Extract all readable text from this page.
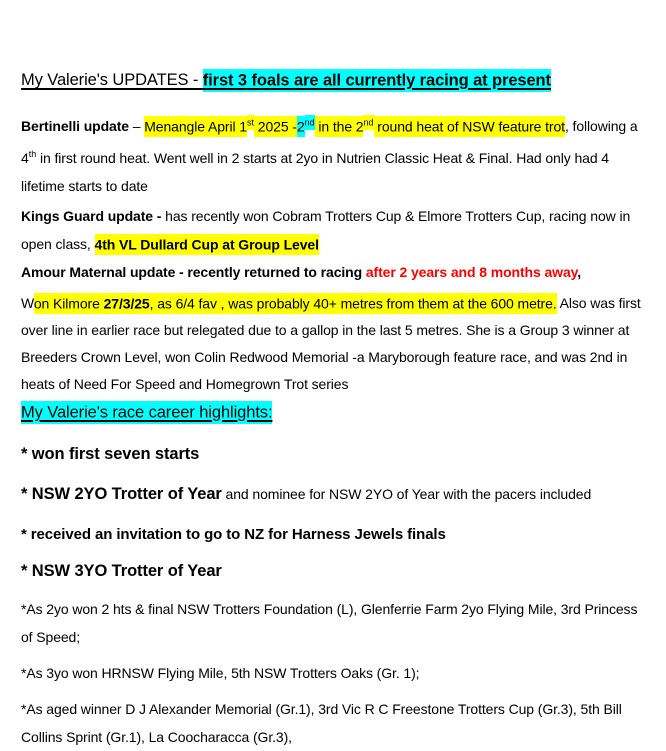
My Valerie's UPDATES - first 3 foals are all currently racing at present

Bertinelli update – Menangle April 1st 2025 -2nd in the 2nd round heat of NSW feature trot, following a 4th in first round heat. Went well in 2 starts at 2yo in Nutrien Classic Heat & Final. Had only had 4 lifetime starts to date

Kings Guard update - has recently won Cobram Trotters Cup & Elmore Trotters Cup, racing now in open class, 4th VL Dullard Cup at Group Level

Amour Maternal update - recently returned to racing after 2 years and 8 months away,

Won Kilmore 27/3/25, as 6/4 fav , was probably 40+ metres from them at the 600 metre. Also was first over line in earlier race but relegated due to a gallop in the last 5 metres. She is a Group 3 winner at Breeders Crown Level, won Colin Redwood Memorial -a Maryborough feature race, and was 2nd in heats of Need For Speed and Homegrown Trot series

My Valerie's race career highlights:

* won first seven starts

* NSW 2YO Trotter of Year and nominee for NSW 2YO of Year with the pacers included

* received an invitation to go to NZ for Harness Jewels finals

* NSW 3YO Trotter of Year

*As 2yo won 2 hts & final NSW Trotters Foundation (L), Glenferrie Farm 2yo Flying Mile, 3rd Princess of Speed;

*As 3yo won HRNSW Flying Mile, 5th NSW Trotters Oaks (Gr. 1);

*As aged winner D J Alexander Memorial (Gr.1), 3rd Vic R C Freestone Trotters Cup (Gr.3), 5th Bill Collins Sprint (Gr.1), La Coocharacca (Gr.3),
